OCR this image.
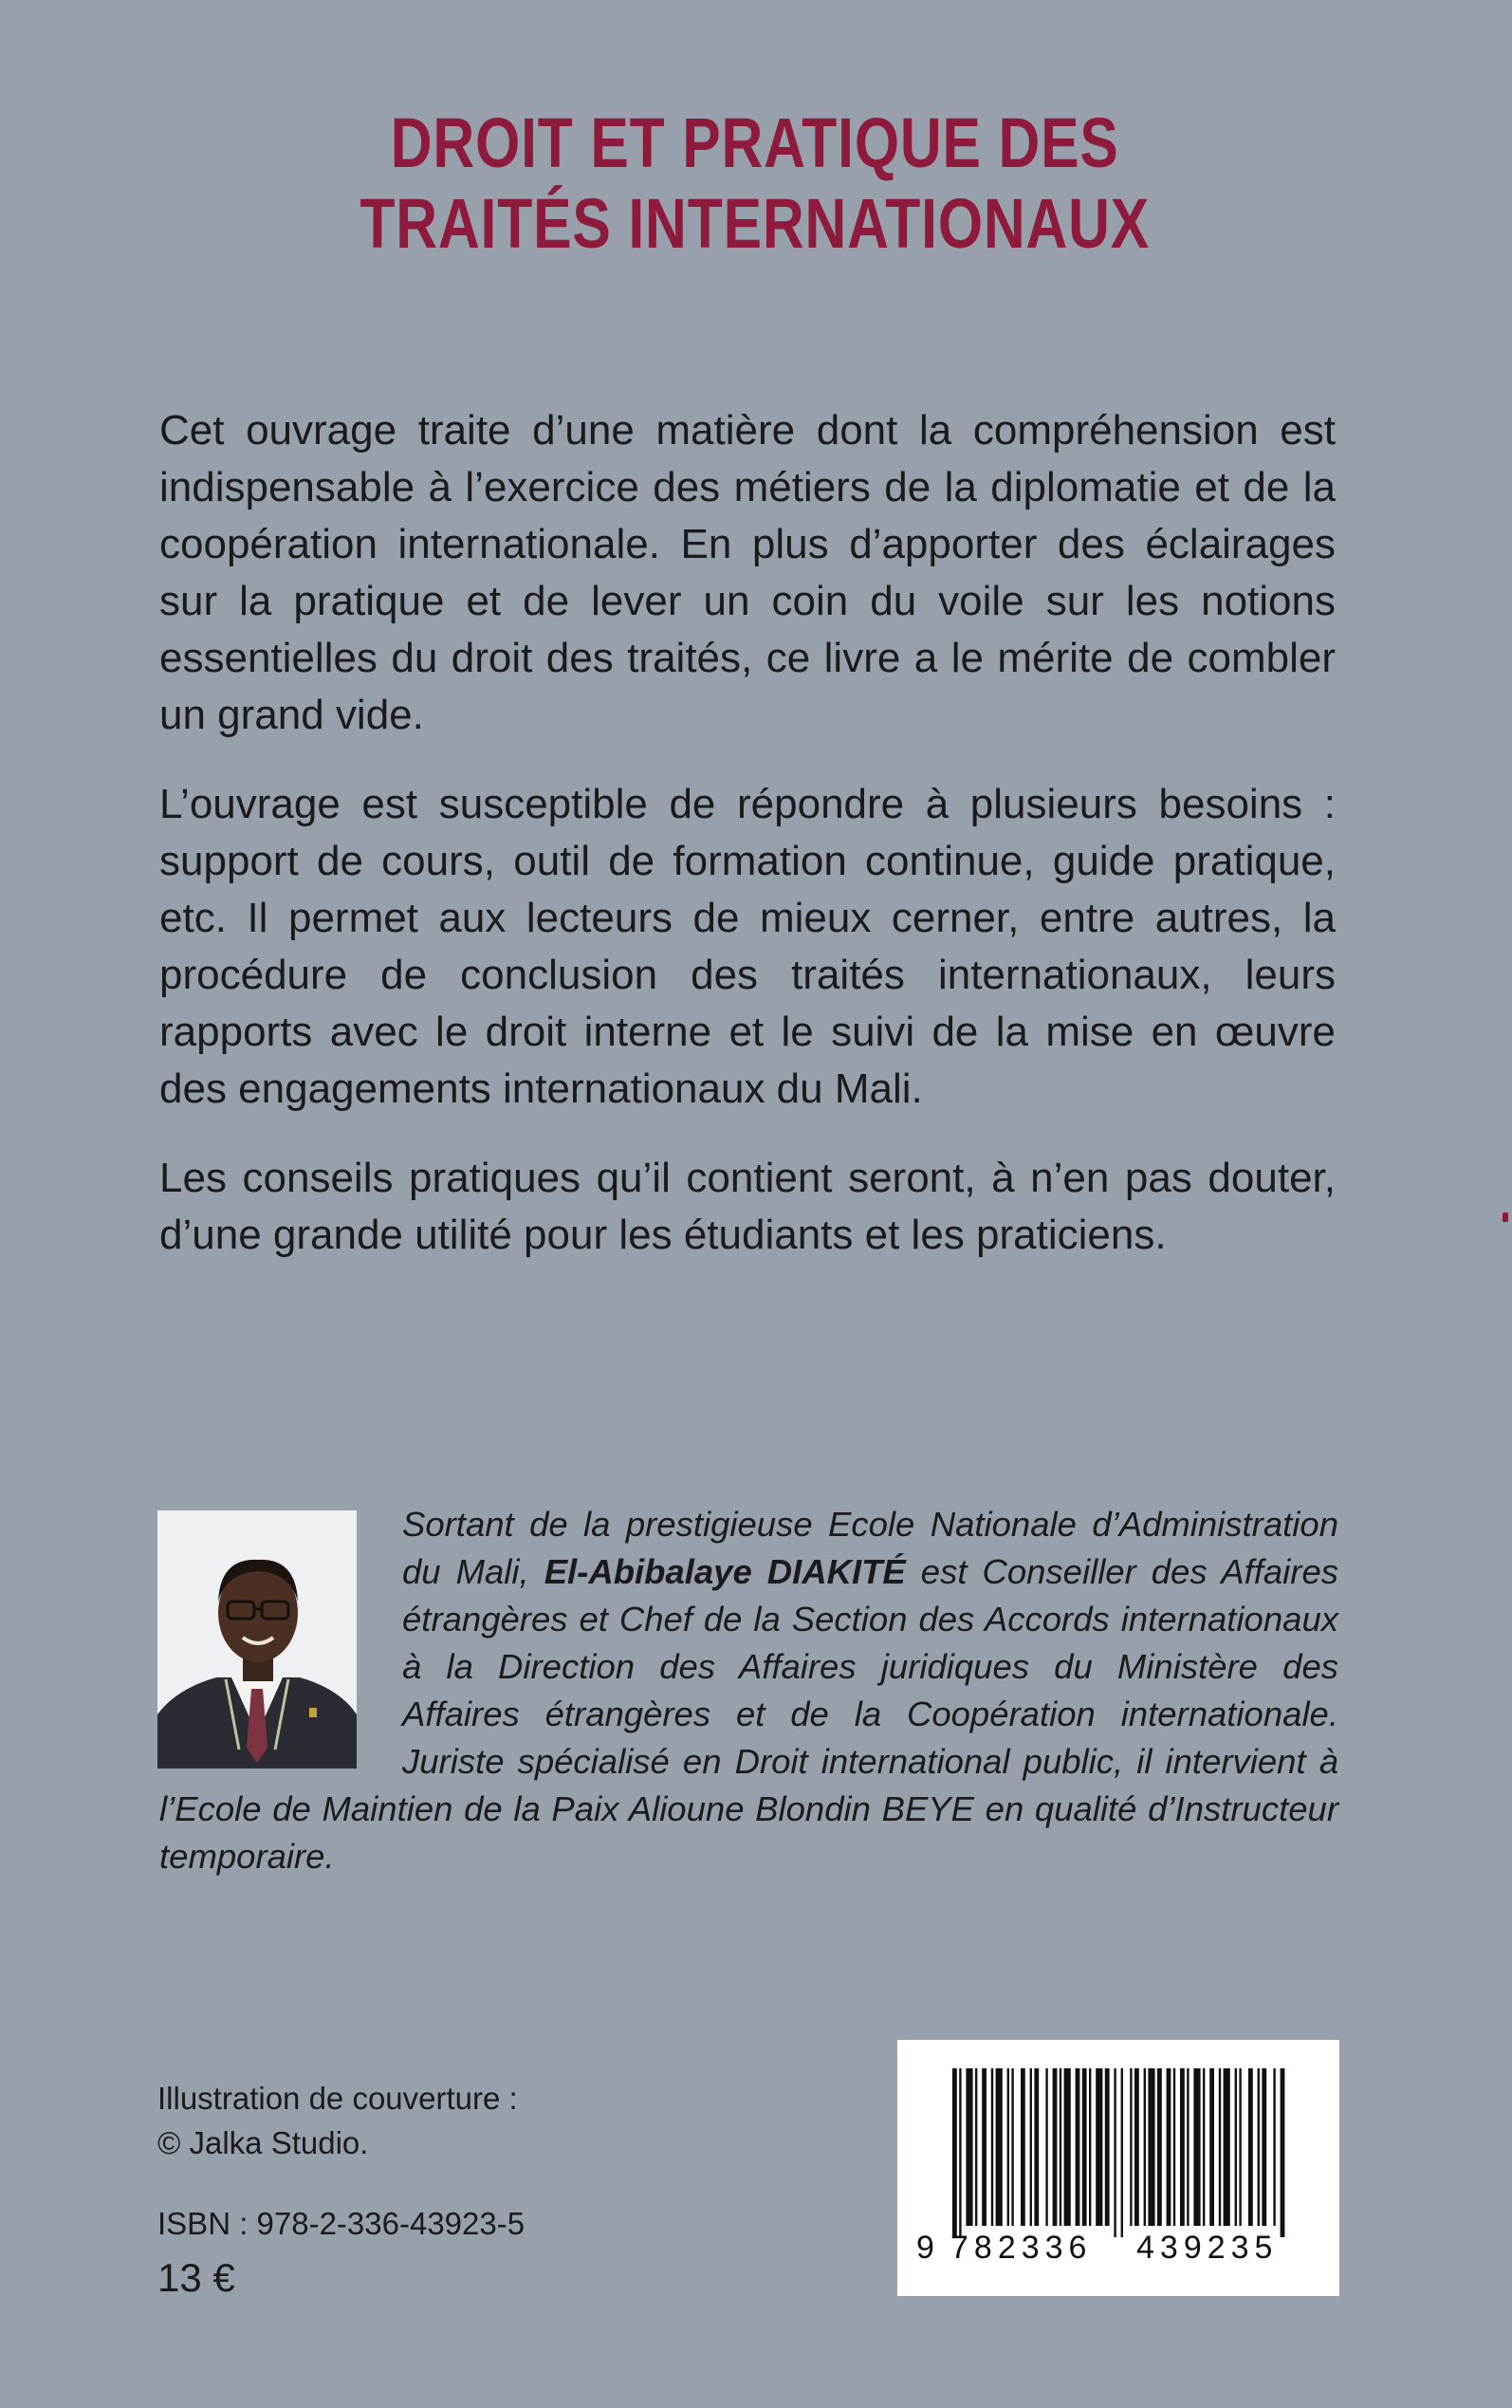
DROIT ET PRATIQUE DES
TRAITÉS INTERNATIONAUX

Cet ouvrage traite d’une matière dont la compréhension est indispensable à l’exercice des métiers de la diplomatie et de la coopération internationale. En plus d’apporter des éclairages sur la pratique et de lever un coin du voile sur les notions essentielles du droit des traités, ce livre a le mérite de combler un grand vide.

L’ouvrage est susceptible de répondre à plusieurs besoins : support de cours, outil de formation continue, guide pratique, etc. Il permet aux lecteurs de mieux cerner, entre autres, la procédure de conclusion des traités internationaux, leurs rapports avec le droit interne et le suivi de la mise en œuvre des engagements internationaux du Mali.

Les conseils pratiques qu’il contient seront, à n’en pas douter, d’une grande utilité pour les étudiants et les praticiens.

Sortant de la prestigieuse Ecole Nationale d’Administration du Mali, El-Abibalaye DIAKITÉ est Conseiller des Affaires étrangères et Chef de la Section des Accords internationaux à la Direction des Affaires juridiques du Ministère des Affaires étrangères et de la Coopération internationale. Juriste spécialisé en Droit international public, il intervient à l’Ecole de Maintien de la Paix Alioune Blondin BEYE en qualité d’Instructeur temporaire.
Illustration de couverture :
© Jalka Studio.
ISBN : 978-2-336-43923-5
13 €
9 782336 439235
